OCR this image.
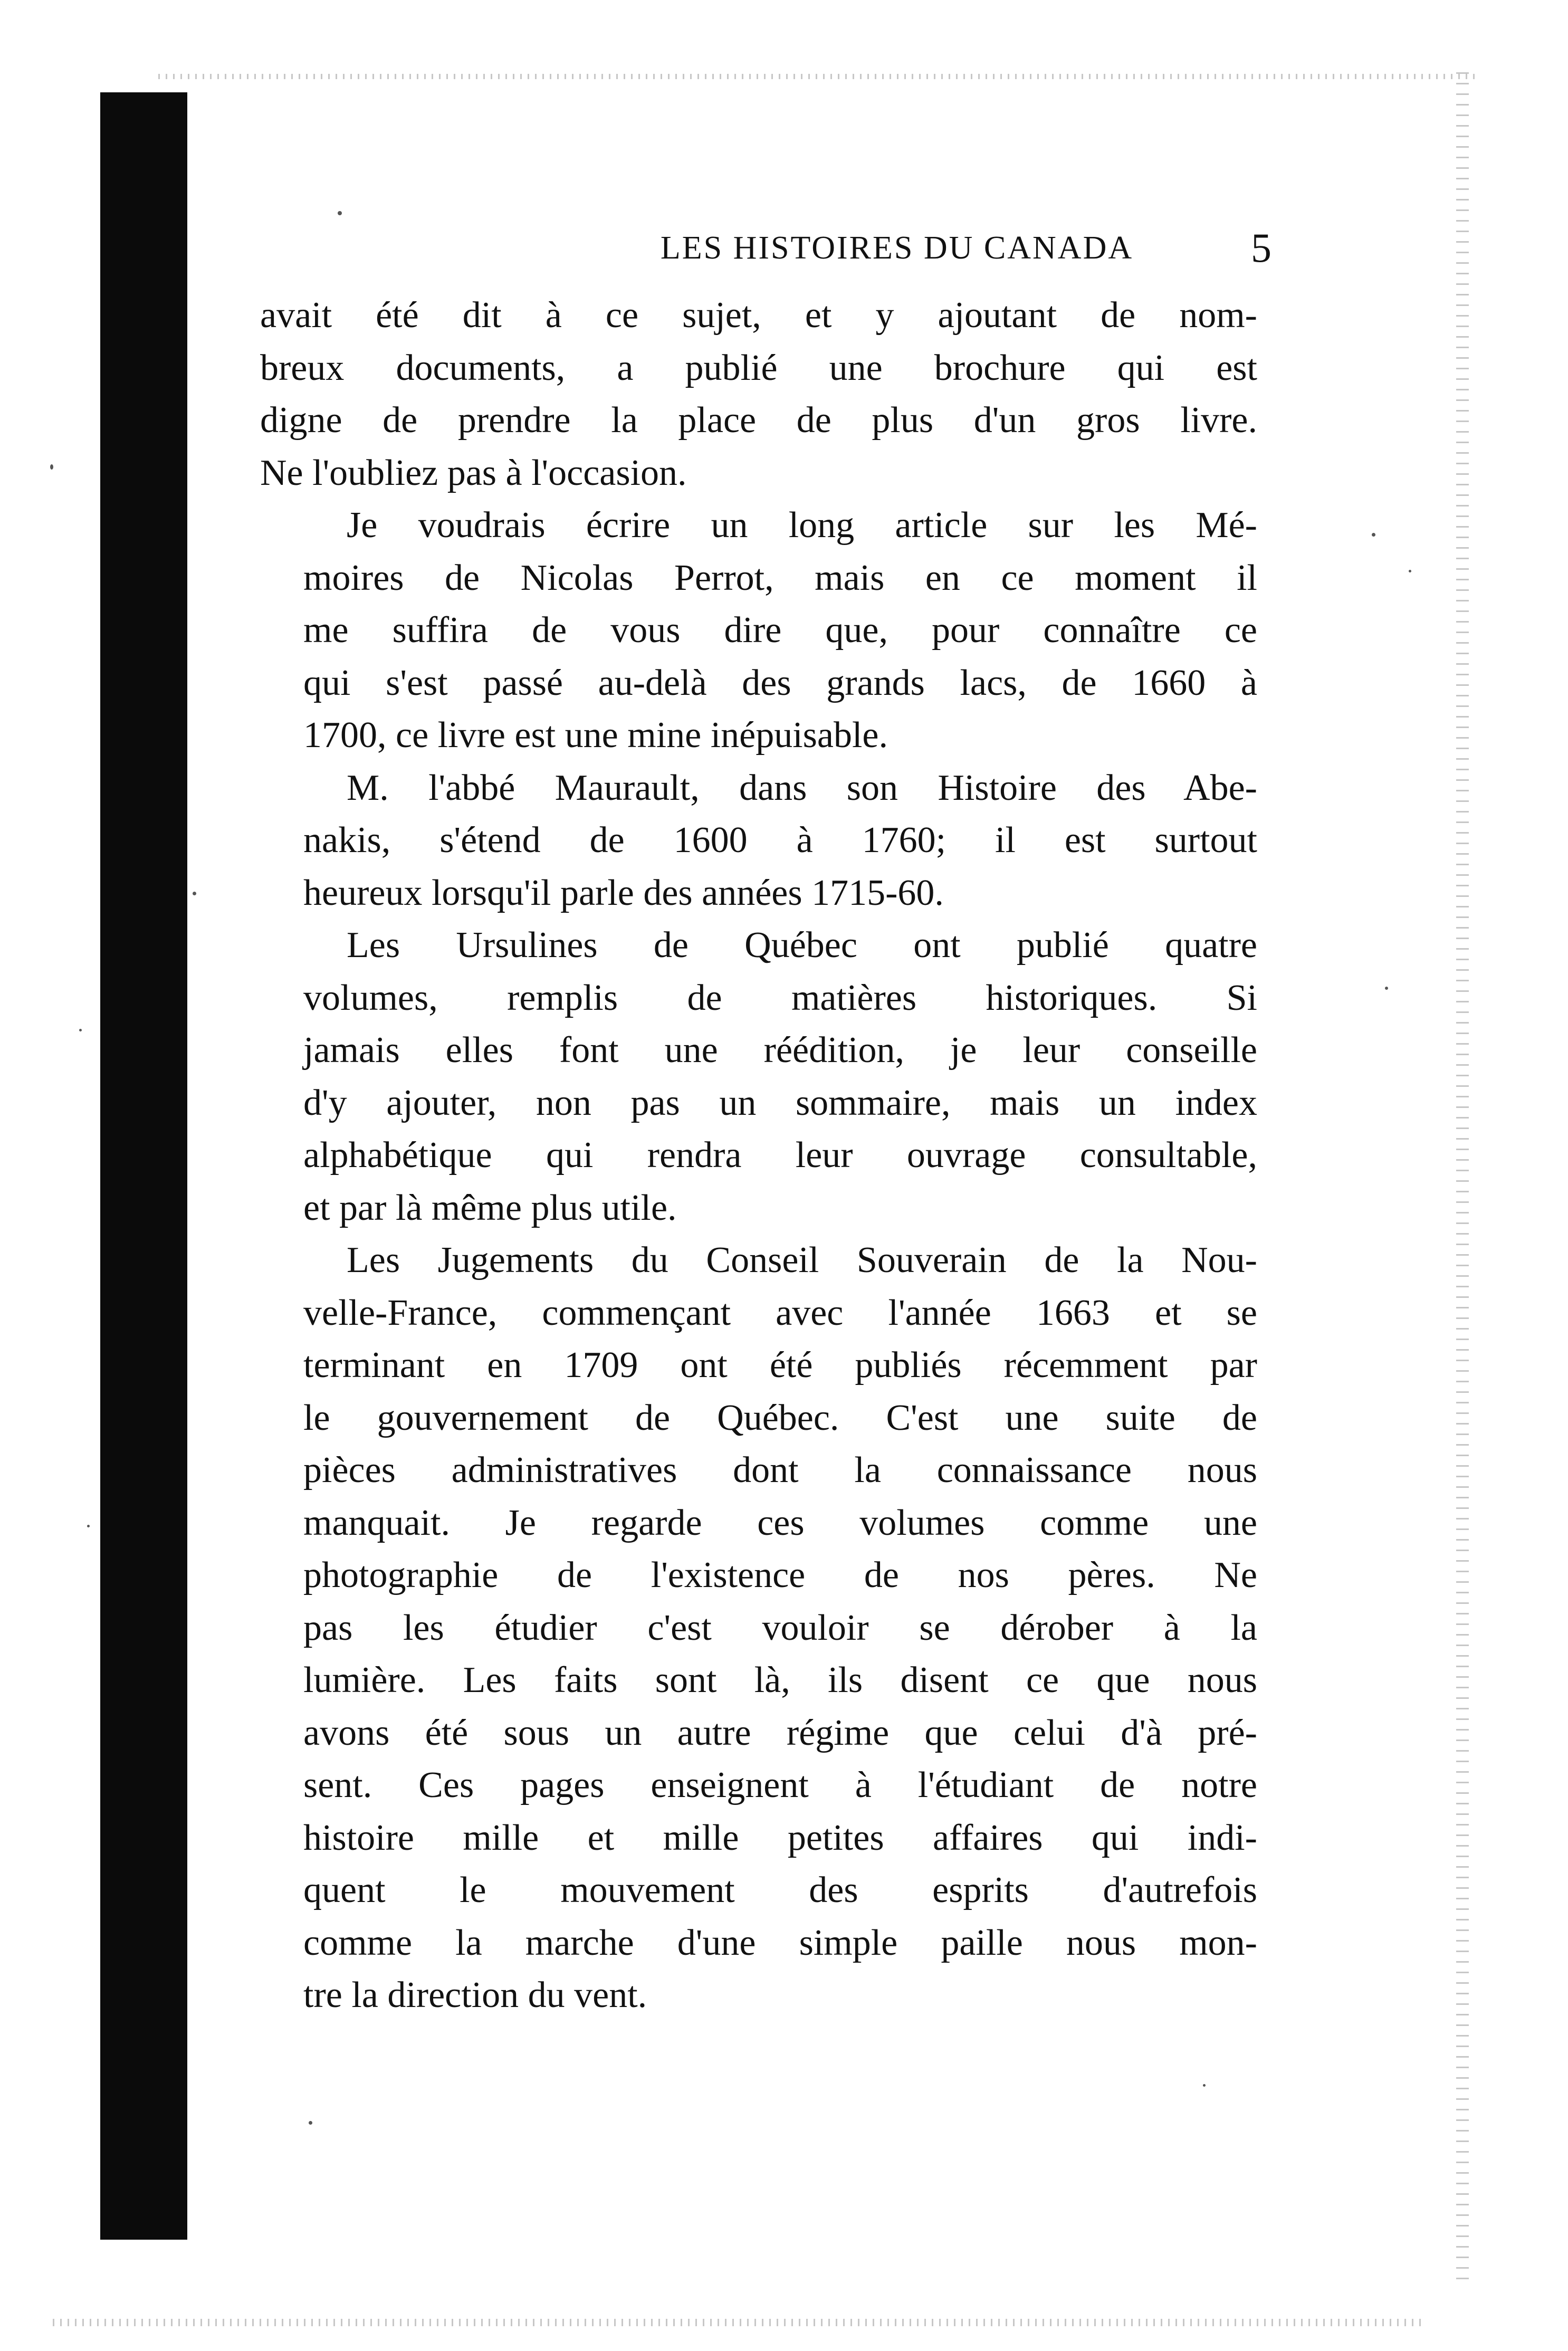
LES HISTOIRES DU CANADA	5

avait été dit à ce sujet, et y ajoutant de nom-
breux documents, a publié une brochure qui est
digne de prendre la place de plus d'un gros livre.
Ne l'oubliez pas à l'occasion.

Je voudrais écrire un long article sur les Mé-
moires de Nicolas Perrot, mais en ce moment il
me suffira de vous dire que, pour connaître ce
qui s'est passé au-delà des grands lacs, de 1660 à
1700, ce livre est une mine inépuisable.

M. l'abbé Maurault, dans son Histoire des Abe-
nakis, s'étend de 1600 à 1760; il est surtout
heureux lorsqu'il parle des années 1715-60.

Les Ursulines de Québec ont publié quatre
volumes, remplis de matières historiques. Si
jamais elles font une réédition, je leur conseille
d'y ajouter, non pas un sommaire, mais un index
alphabétique qui rendra leur ouvrage consultable,
et par là même plus utile.

Les Jugements du Conseil Souverain de la Nou-
velle-France, commençant avec l'année 1663 et se
terminant en 1709 ont été publiés récemment par
le gouvernement de Québec. C'est une suite de
pièces administratives dont la connaissance nous
manquait. Je regarde ces volumes comme une
photographie de l'existence de nos pères. Ne
pas les étudier c'est vouloir se dérober à la
lumière. Les faits sont là, ils disent ce que nous
avons été sous un autre régime que celui d'à pré-
sent. Ces pages enseignent à l'étudiant de notre
histoire mille et mille petites affaires qui indi-
quent le mouvement des esprits d'autrefois
comme la marche d'une simple paille nous mon-
tre la direction du vent.
